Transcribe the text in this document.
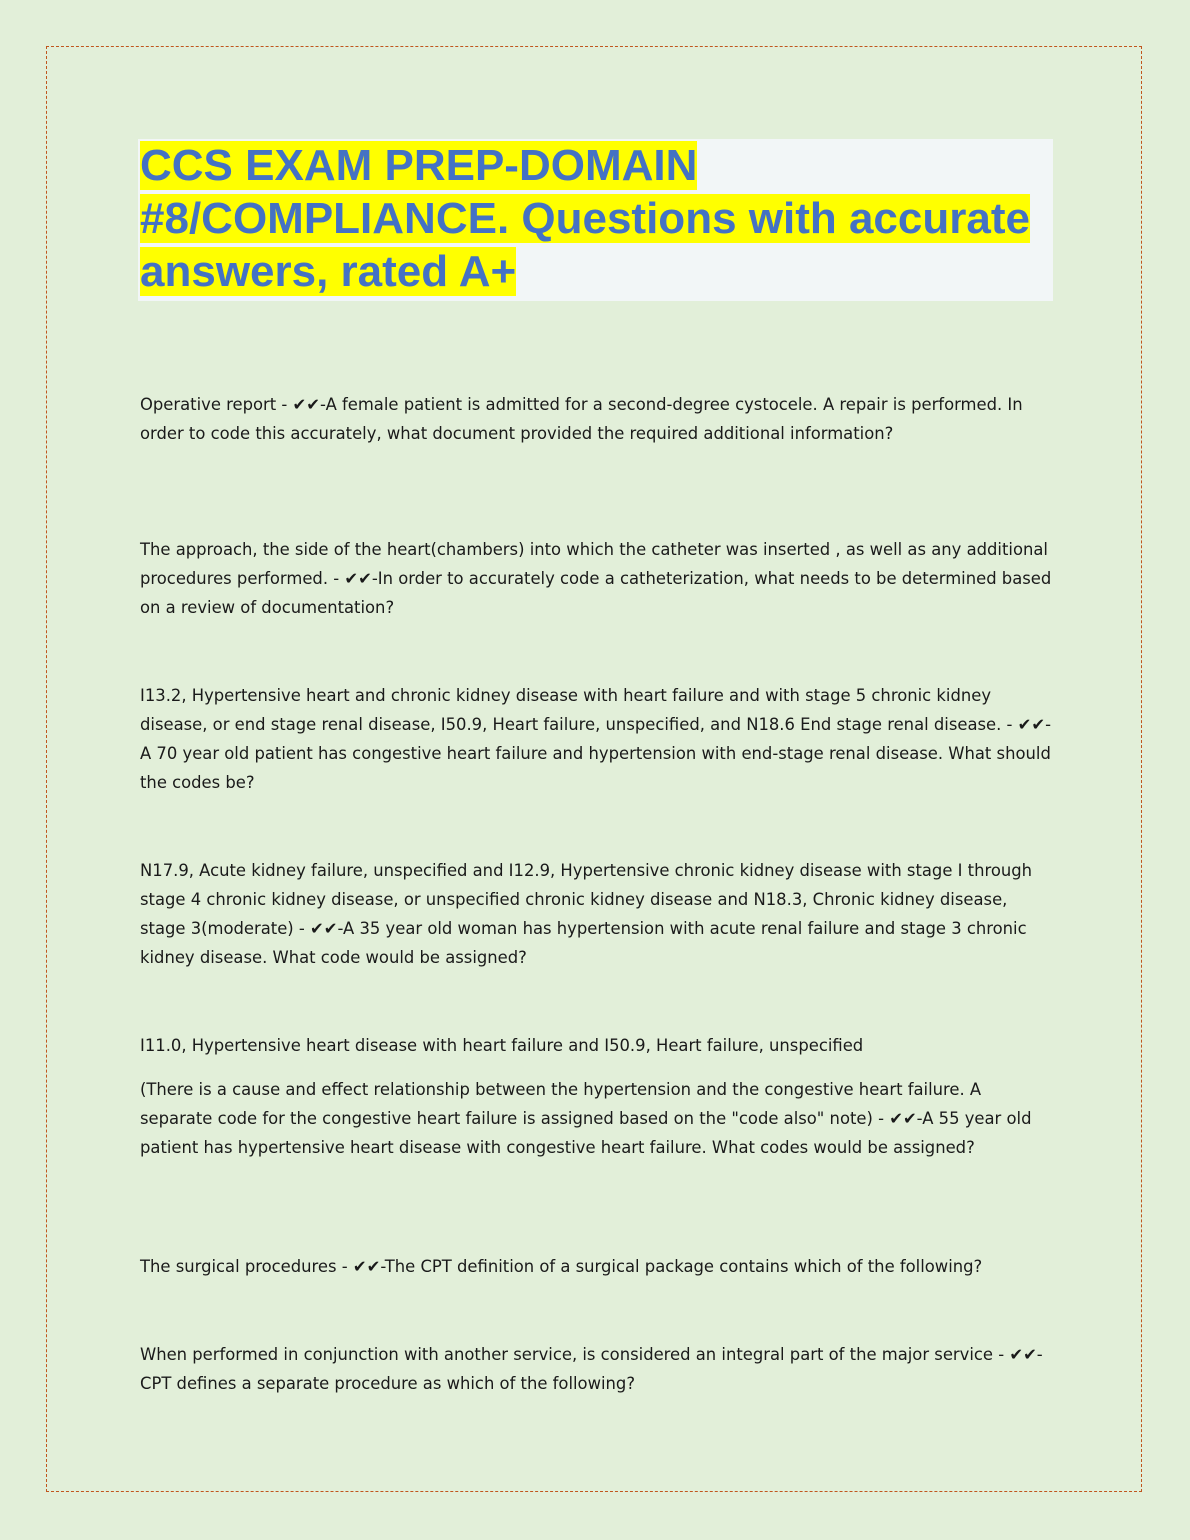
CCS EXAM PREP-DOMAIN #8/COMPLIANCE. Questions with accurate answers, rated A+

Operative report - ✔✔-A female patient is admitted for a second-degree cystocele. A repair is performed. In order to code this accurately, what document provided the required additional information?

The approach, the side of the heart(chambers) into which the catheter was inserted , as well as any additional procedures performed. - ✔✔-In order to accurately code a catheterization, what needs to be determined based on a review of documentation?

I13.2, Hypertensive heart and chronic kidney disease with heart failure and with stage 5 chronic kidney disease, or end stage renal disease, I50.9, Heart failure, unspecified, and N18.6 End stage renal disease. - ✔✔-A 70 year old patient has congestive heart failure and hypertension with end-stage renal disease. What should the codes be?

N17.9, Acute kidney failure, unspecified and I12.9, Hypertensive chronic kidney disease with stage I through stage 4 chronic kidney disease, or unspecified chronic kidney disease and N18.3, Chronic kidney disease, stage 3(moderate) - ✔✔-A 35 year old woman has hypertension with acute renal failure and stage 3 chronic kidney disease. What code would be assigned?

I11.0, Hypertensive heart disease with heart failure and I50.9, Heart failure, unspecified

(There is a cause and effect relationship between the hypertension and the congestive heart failure. A separate code for the congestive heart failure is assigned based on the "code also" note) - ✔✔-A 55 year old patient has hypertensive heart disease with congestive heart failure. What codes would be assigned?

The surgical procedures - ✔✔-The CPT definition of a surgical package contains which of the following?

When performed in conjunction with another service, is considered an integral part of the major service - ✔✔-CPT defines a separate procedure as which of the following?
